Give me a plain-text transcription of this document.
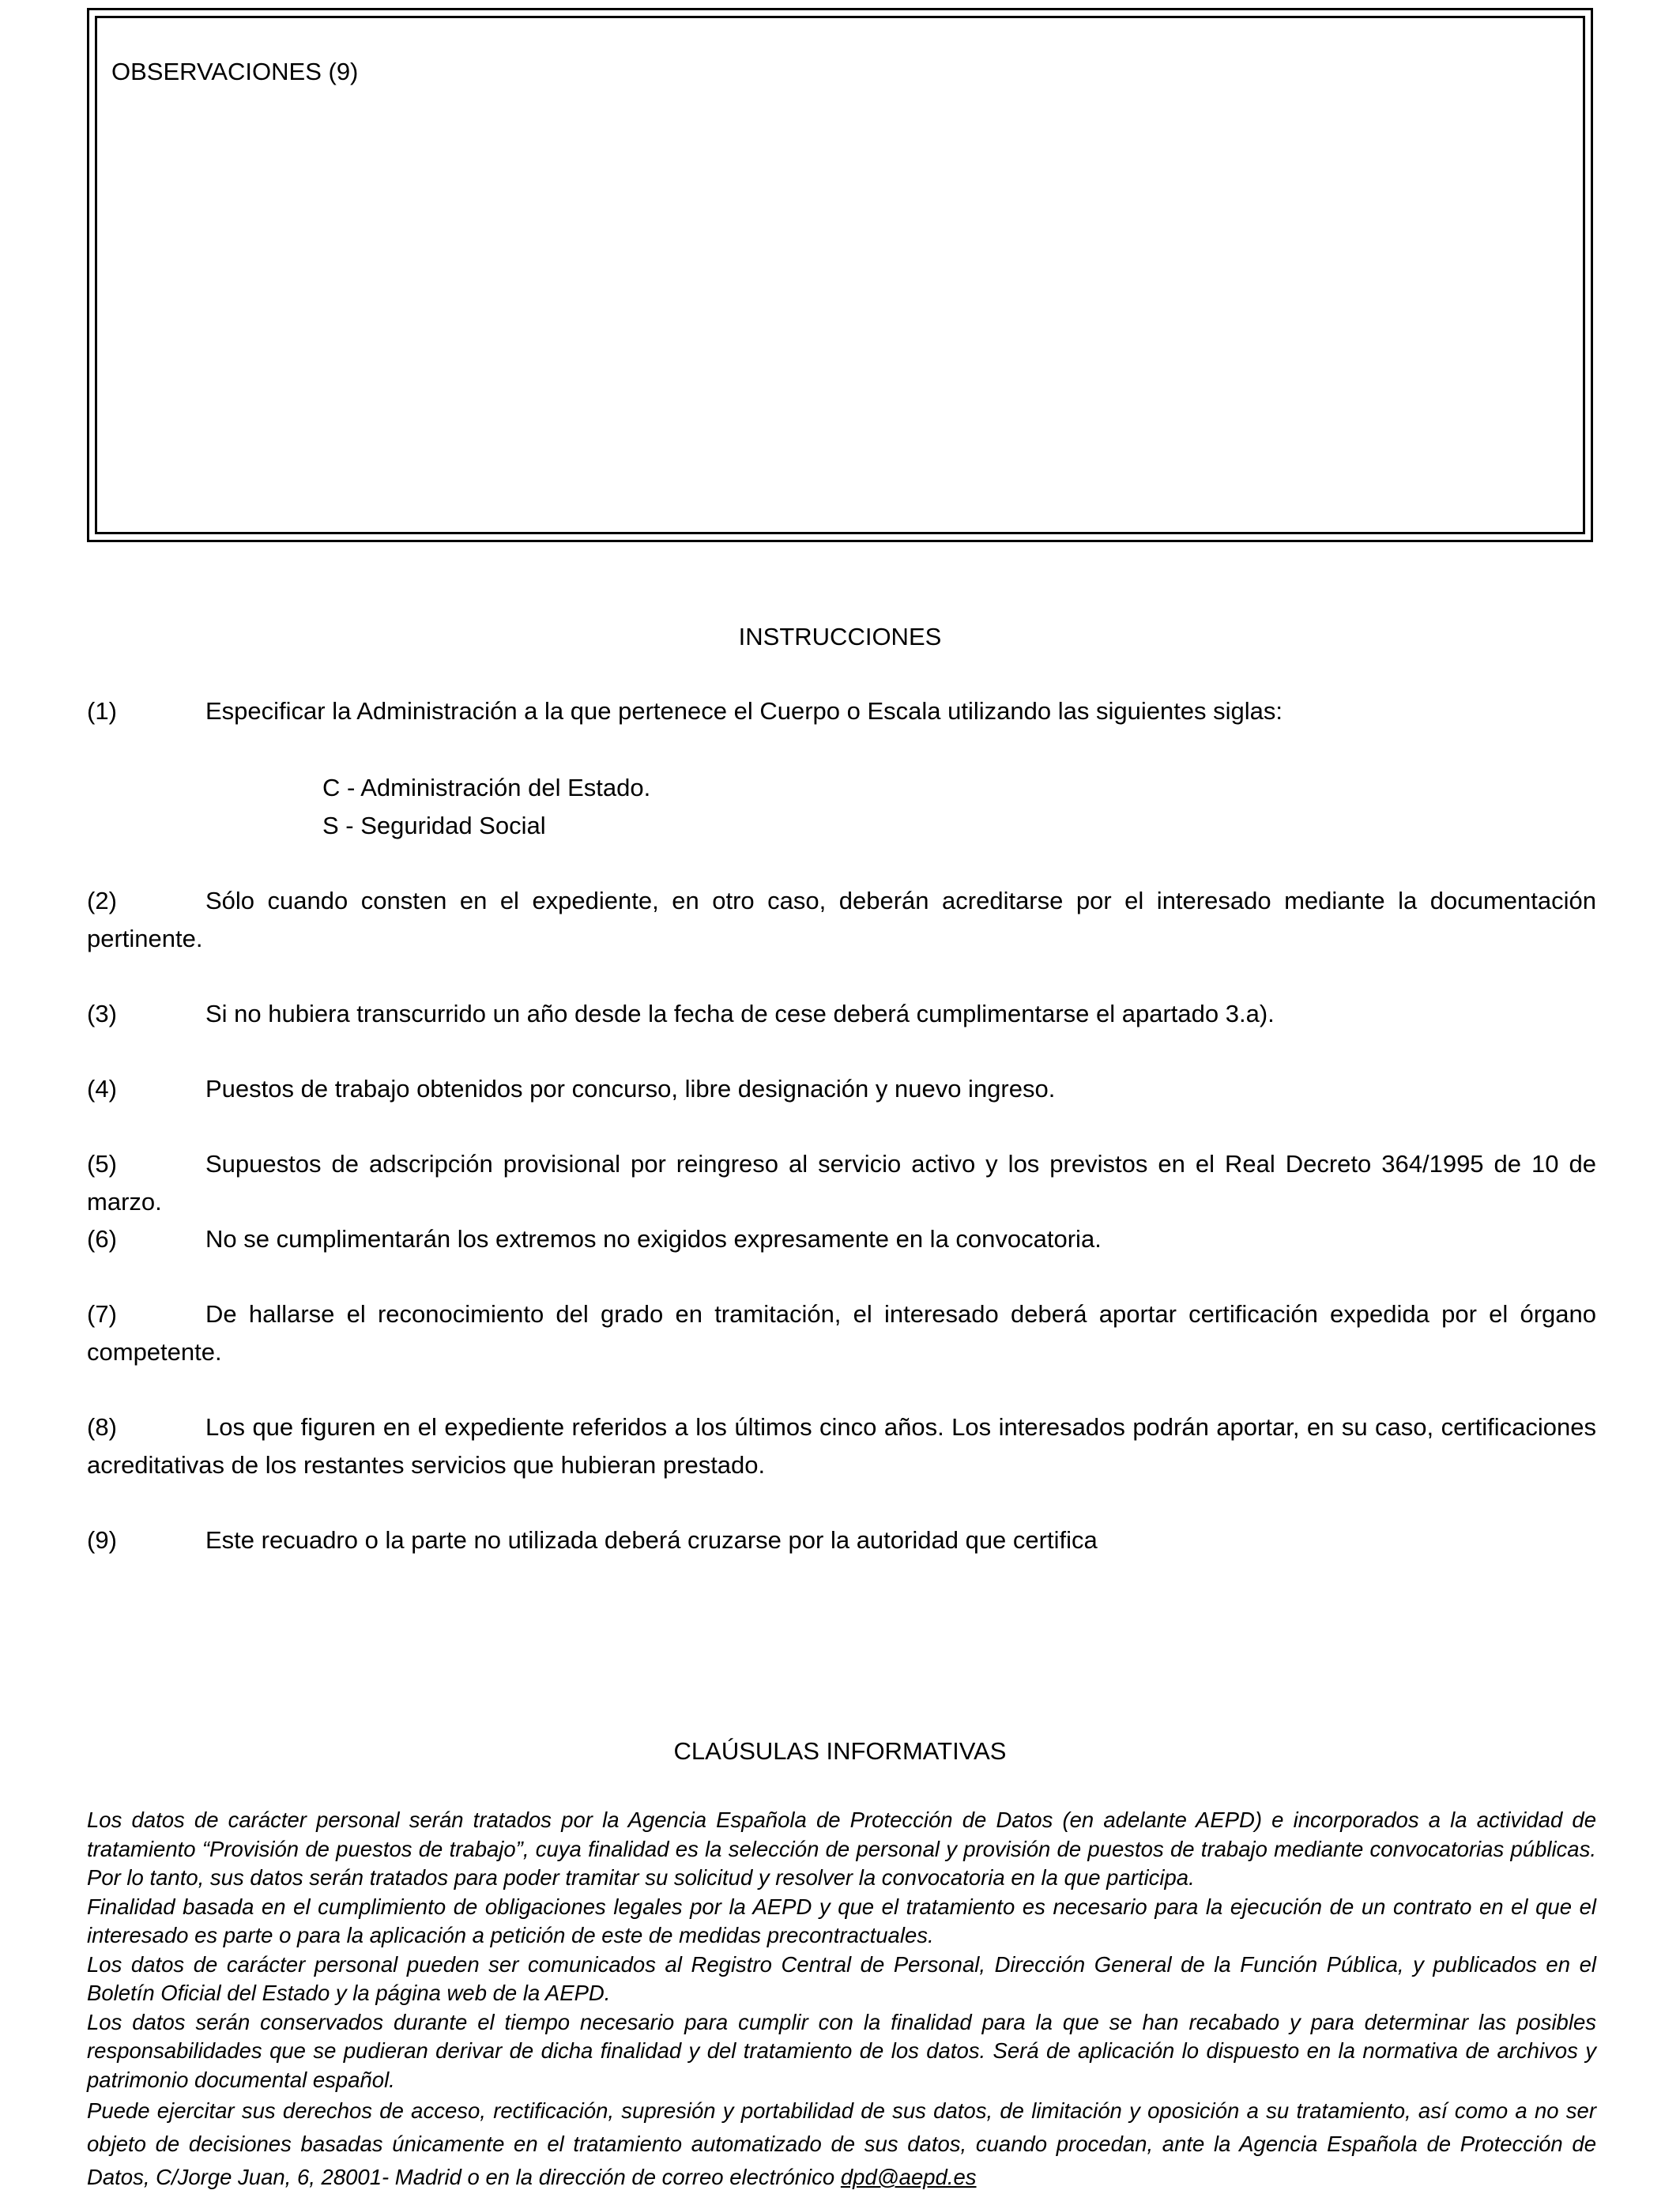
OBSERVACIONES (9)
INSTRUCCIONES
(1)	Especificar la Administración a la que pertenece el Cuerpo o Escala utilizando las siguientes siglas:
C - Administración del Estado.
S - Seguridad Social
(2)	Sólo cuando consten en el expediente, en otro caso, deberán acreditarse por el interesado mediante la documentación pertinente.
(3)	Si no hubiera transcurrido un año desde la fecha de cese deberá cumplimentarse el apartado 3.a).
(4)	Puestos de trabajo obtenidos por concurso, libre designación y nuevo ingreso.
(5)	Supuestos de adscripción provisional por reingreso al servicio activo y los previstos en el Real Decreto 364/1995 de 10 de marzo.
(6)	No se cumplimentarán los extremos no exigidos expresamente en la convocatoria.
(7)	De hallarse el reconocimiento del grado en tramitación, el interesado deberá aportar certificación expedida por el órgano competente.
(8)	Los que figuren en el expediente referidos a los últimos cinco años. Los interesados podrán aportar, en su caso, certificaciones acreditativas de los restantes servicios que hubieran prestado.
(9)	Este recuadro o la parte no utilizada deberá cruzarse por la autoridad que certifica
CLAÚSULAS INFORMATIVAS

Los datos de carácter personal serán tratados por la Agencia Española de Protección de Datos (en adelante AEPD) e incorporados a la actividad de tratamiento “Provisión de puestos de trabajo”, cuya finalidad es la selección de personal y provisión de puestos de trabajo mediante convocatorias públicas. Por lo tanto, sus datos serán tratados para poder tramitar su solicitud y resolver la convocatoria en la que participa.

Finalidad basada en el cumplimiento de obligaciones legales por la AEPD y que el tratamiento es necesario para la ejecución de un contrato en el que el interesado es parte o para la aplicación a petición de este de medidas precontractuales.

Los datos de carácter personal pueden ser comunicados al Registro Central de Personal, Dirección General de la Función Pública, y publicados en el Boletín Oficial del Estado y la página web de la AEPD.

Los datos serán conservados durante el tiempo necesario para cumplir con la finalidad para la que se han recabado y para determinar las posibles responsabilidades que se pudieran derivar de dicha finalidad y del tratamiento de los datos. Será de aplicación lo dispuesto en la normativa de archivos y patrimonio documental español.

Puede ejercitar sus derechos de acceso, rectificación, supresión y portabilidad de sus datos, de limitación y oposición a su tratamiento, así como a no ser objeto de decisiones basadas únicamente en el tratamiento automatizado de sus datos, cuando procedan, ante la Agencia Española de Protección de Datos, C/Jorge Juan, 6, 28001- Madrid o en la dirección de correo electrónico dpd@aepd.es
